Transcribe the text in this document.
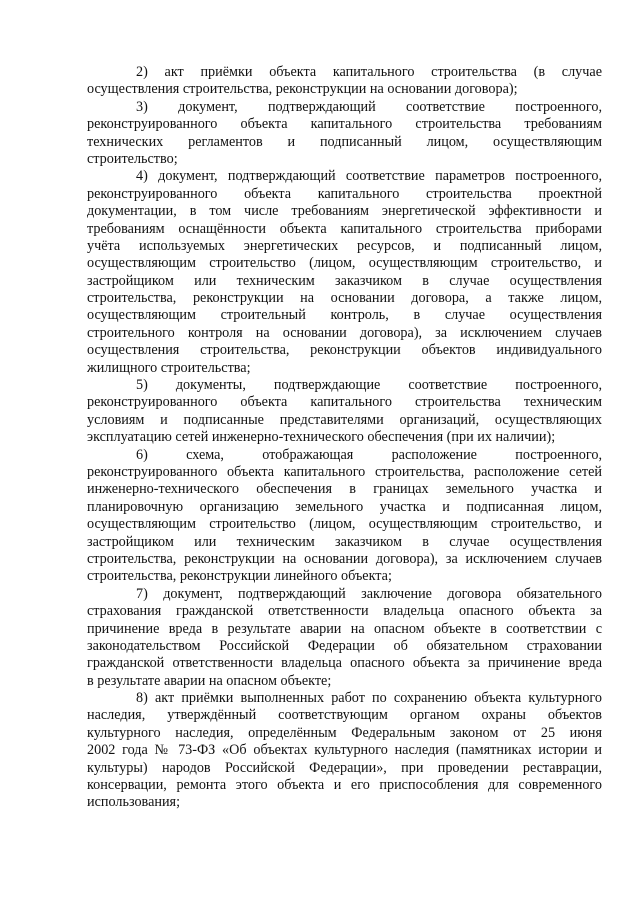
2) акт приёмки объекта капитального строительства (в случае
осуществления строительства, реконструкции на основании договора);
3) документ, подтверждающий соответствие построенного,
реконструированного объекта капитального строительства требованиям
технических регламентов и подписанный лицом, осуществляющим
строительство;
4) документ, подтверждающий соответствие параметров построенного,
реконструированного объекта капитального строительства проектной
документации, в том числе требованиям энергетической эффективности и
требованиям оснащённости объекта капитального строительства приборами
учёта используемых энергетических ресурсов, и подписанный лицом,
осуществляющим строительство (лицом, осуществляющим строительство, и
застройщиком или техническим заказчиком в случае осуществления
строительства, реконструкции на основании договора, а также лицом,
осуществляющим строительный контроль, в случае осуществления
строительного контроля на основании договора), за исключением случаев
осуществления строительства, реконструкции объектов индивидуального
жилищного строительства;
5) документы, подтверждающие соответствие построенного,
реконструированного объекта капитального строительства техническим
условиям и подписанные представителями организаций, осуществляющих
эксплуатацию сетей инженерно-технического обеспечения (при их наличии);
6) схема, отображающая расположение построенного,
реконструированного объекта капитального строительства, расположение сетей
инженерно-технического обеспечения в границах земельного участка и
планировочную организацию земельного участка и подписанная лицом,
осуществляющим строительство (лицом, осуществляющим строительство, и
застройщиком или техническим заказчиком в случае осуществления
строительства, реконструкции на основании договора), за исключением случаев
строительства, реконструкции линейного объекта;
7) документ, подтверждающий заключение договора обязательного
страхования гражданской ответственности владельца опасного объекта за
причинение вреда в результате аварии на опасном объекте в соответствии с
законодательством Российской Федерации об обязательном страховании
гражданской ответственности владельца опасного объекта за причинение вреда
в результате аварии на опасном объекте;
8) акт приёмки выполненных работ по сохранению объекта культурного
наследия, утверждённый соответствующим органом охраны объектов
культурного наследия, определённым Федеральным законом от 25 июня
2002 года № 73-ФЗ «Об объектах культурного наследия (памятниках истории и
культуры) народов Российской Федерации», при проведении реставрации,
консервации, ремонта этого объекта и его приспособления для современного
использования;
